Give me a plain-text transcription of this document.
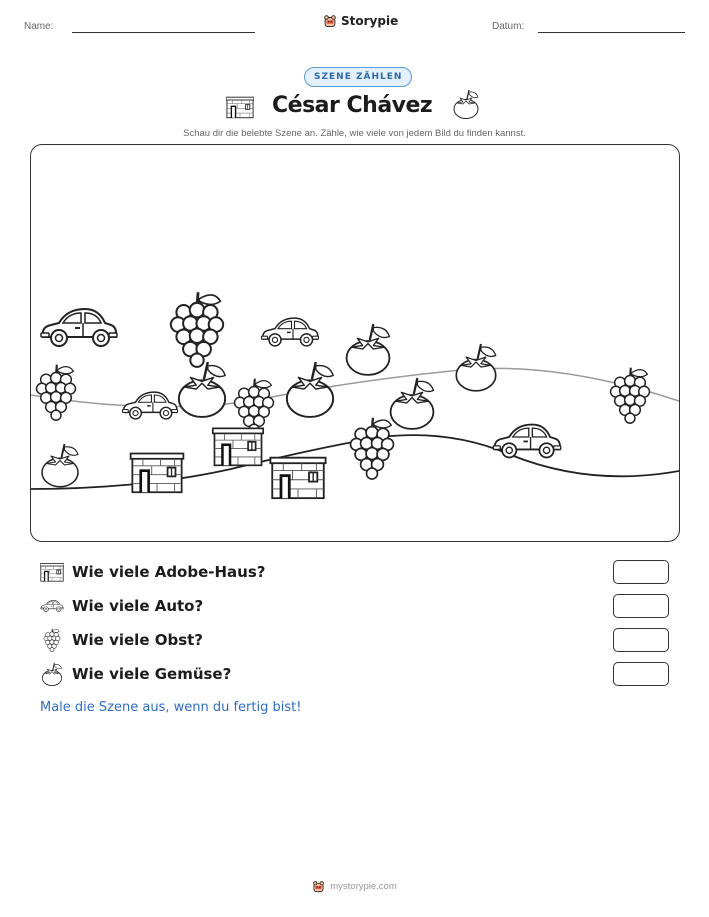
Name:	Storypie	Datum:
SZENE ZÄHLEN
César Chávez
Schau dir die belebte Szene an. Zähle, wie viele von jedem Bild du finden kannst.
Wie viele Adobe-Haus?
Wie viele Auto?
Wie viele Obst?
Wie viele Gemüse?
Male die Szene aus, wenn du fertig bist!
mystorypie.com
